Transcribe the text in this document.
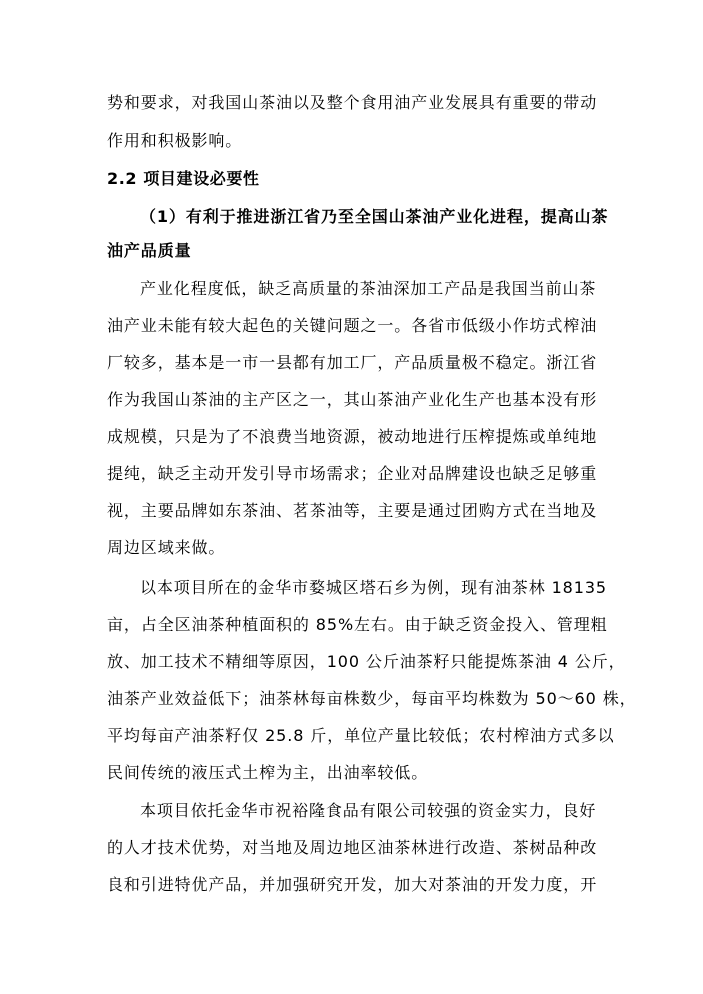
势和要求，对我国山茶油以及整个食用油产业发展具有重要的带动
作用和积极影响。
2.2 项目建设必要性
（1）有利于推进浙江省乃至全国山茶油产业化进程，提高山茶
油产品质量
产业化程度低，缺乏高质量的茶油深加工产品是我国当前山茶
油产业未能有较大起色的关键问题之一。各省市低级小作坊式榨油
厂较多，基本是一市一县都有加工厂，产品质量极不稳定。浙江省
作为我国山茶油的主产区之一，其山茶油产业化生产也基本没有形
成规模，只是为了不浪费当地资源，被动地进行压榨提炼或单纯地
提纯，缺乏主动开发引导市场需求；企业对品牌建设也缺乏足够重
视，主要品牌如东茶油、茗茶油等，主要是通过团购方式在当地及
周边区域来做。
以本项目所在的金华市婺城区塔石乡为例，现有油茶林 18135
亩，占全区油茶种植面积的 85%左右。由于缺乏资金投入、管理粗
放、加工技术不精细等原因，100 公斤油茶籽只能提炼茶油 4 公斤，
油茶产业效益低下；油茶林每亩株数少，每亩平均株数为 50～60 株，
平均每亩产油茶籽仅 25.8 斤，单位产量比较低；农村榨油方式多以
民间传统的液压式土榨为主，出油率较低。
本项目依托金华市祝裕隆食品有限公司较强的资金实力，良好
的人才技术优势，对当地及周边地区油茶林进行改造、茶树品种改
良和引进特优产品，并加强研究开发，加大对茶油的开发力度，开
